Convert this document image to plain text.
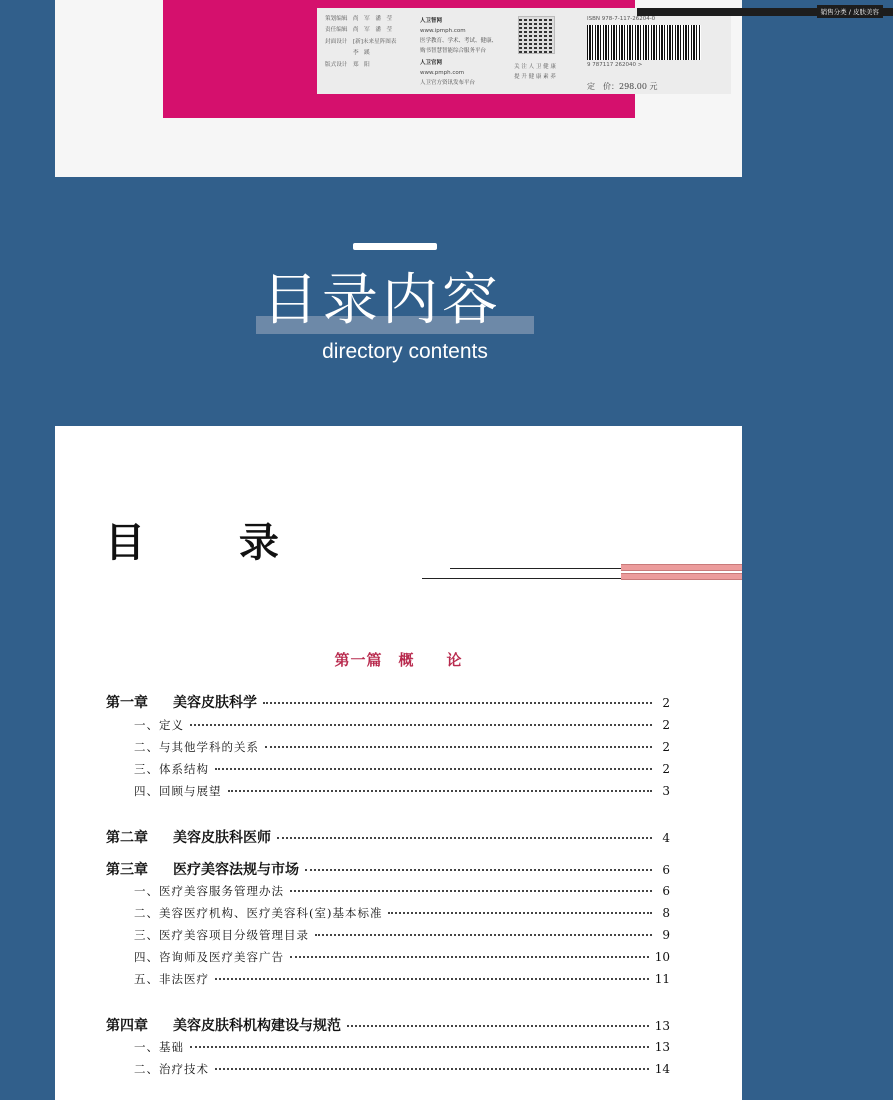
销售分类 / 皮肤美容
策划编辑　尚　军　潘　莹
责任编辑　尚　军　潘　莹
封面设计　[新]未来星阵图表
　　　　　李　蹊
版式设计　郑　阳
人卫智网
www.ipmph.com
医学教育、学术、考试、健康、
购书智慧智能综合服务平台
人卫官网
www.pmph.com
人卫官方资讯发布平台
关 注 人 卫 健 康
提 升 健 康 素 养
ISBN 978-7-117-26204-0
9 787117 262040 >
定　价：298.00 元
目录内容
directory contents
目 录
第一篇　概　　论
第一章 美容皮肤科学	2
一、定义	2
二、与其他学科的关系	2
三、体系结构	2
四、回顾与展望	3
第二章 美容皮肤科医师	4
第三章 医疗美容法规与市场	6
一、医疗美容服务管理办法	6
二、美容医疗机构、医疗美容科(室)基本标准	8
三、医疗美容项目分级管理目录	9
四、咨询师及医疗美容广告	10
五、非法医疗	11
第四章 美容皮肤科机构建设与规范	13
一、基础	13
二、治疗技术	14
